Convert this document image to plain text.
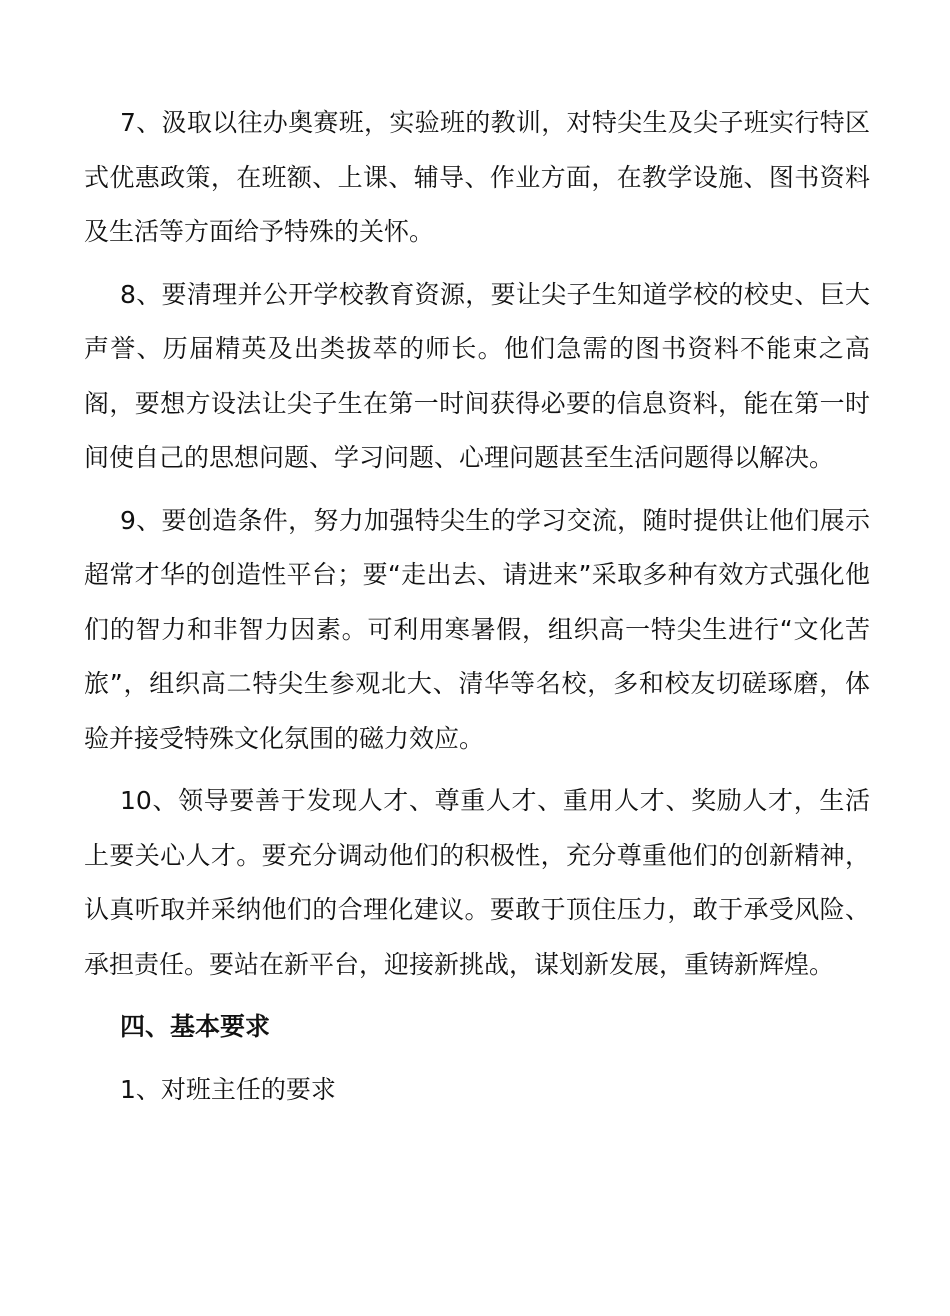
7、汲取以往办奥赛班，实验班的教训，对特尖生及尖子班实行特区式优惠政策，在班额、上课、辅导、作业方面，在教学设施、图书资料及生活等方面给予特殊的关怀。

8、要清理并公开学校教育资源，要让尖子生知道学校的校史、巨大声誉、历届精英及出类拔萃的师长。他们急需的图书资料不能束之高阁，要想方设法让尖子生在第一时间获得必要的信息资料，能在第一时间使自己的思想问题、学习问题、心理问题甚至生活问题得以解决。

9、要创造条件，努力加强特尖生的学习交流，随时提供让他们展示超常才华的创造性平台；要“走出去、请进来”采取多种有效方式强化他们的智力和非智力因素。可利用寒暑假，组织高一特尖生进行“文化苦旅”，组织高二特尖生参观北大、清华等名校，多和校友切磋琢磨，体验并接受特殊文化氛围的磁力效应。

10、领导要善于发现人才、尊重人才、重用人才、奖励人才，生活上要关心人才。要充分调动他们的积极性，充分尊重他们的创新精神，认真听取并采纳他们的合理化建议。要敢于顶住压力，敢于承受风险、承担责任。要站在新平台，迎接新挑战，谋划新发展，重铸新辉煌。

四、基本要求

1、对班主任的要求
